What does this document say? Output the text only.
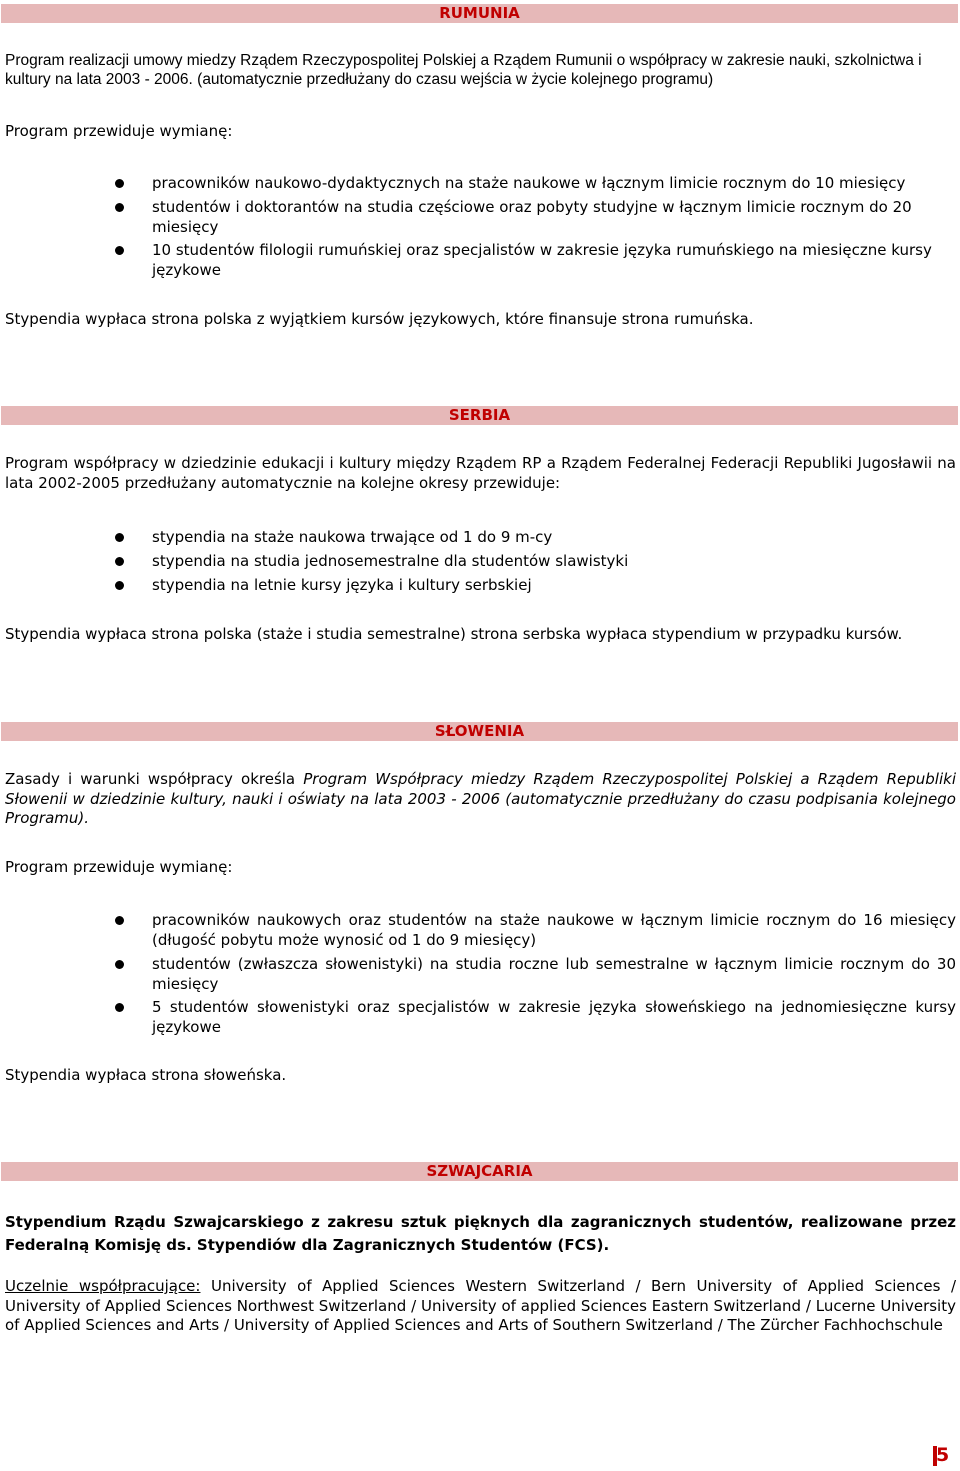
RUMUNIA
Program realizacji umowy miedzy Rządem Rzeczypospolitej Polskiej a Rządem Rumunii o współpracy w zakresie nauki, szkolnictwa i kultury na lata 2003 - 2006. (automatycznie przedłużany do czasu wejścia w życie kolejnego programu)
Program przewiduje wymianę:
pracowników naukowo-dydaktycznych na staże naukowe w łącznym limicie rocznym do 10 miesięcy
studentów i doktorantów na studia częściowe oraz pobyty studyjne w łącznym limicie rocznym do 20 miesięcy
10 studentów filologii rumuńskiej oraz specjalistów w zakresie języka rumuńskiego na miesięczne kursy językowe
Stypendia wypłaca strona polska z wyjątkiem kursów językowych, które finansuje strona rumuńska.
SERBIA
Program współpracy w dziedzinie edukacji i kultury między Rządem RP a Rządem Federalnej Federacji Republiki Jugosławii na lata 2002-2005 przedłużany automatycznie na kolejne okresy przewiduje:
stypendia na staże naukowa trwające od 1 do 9 m-cy
stypendia na studia jednosemestralne dla studentów slawistyki
stypendia na letnie kursy języka i kultury serbskiej
Stypendia wypłaca strona polska (staże i studia semestralne) strona serbska wypłaca stypendium w przypadku kursów.
SŁOWENIA
Zasady i warunki współpracy określa Program Współpracy miedzy Rządem Rzeczypospolitej Polskiej a Rządem Republiki Słowenii w dziedzinie kultury, nauki i oświaty na lata 2003 - 2006 (automatycznie przedłużany do czasu podpisania kolejnego Programu).
Program przewiduje wymianę:
pracowników naukowych oraz studentów na staże naukowe w łącznym limicie rocznym do 16 miesięcy (długość pobytu może wynosić od 1 do 9 miesięcy)
studentów (zwłaszcza słowenistyki) na studia roczne lub semestralne w łącznym limicie rocznym do 30 miesięcy
5 studentów słowenistyki oraz specjalistów w zakresie języka słoweńskiego na jednomiesięczne kursy językowe
Stypendia wypłaca strona słoweńska.
SZWAJCARIA
Stypendium Rządu Szwajcarskiego z zakresu sztuk pięknych dla zagranicznych studentów, realizowane przez Federalną Komisję ds. Stypendiów dla Zagranicznych Studentów (FCS).
Uczelnie współpracujące: University of Applied Sciences Western Switzerland / Bern University of Applied Sciences / University of Applied Sciences Northwest Switzerland / University of applied Sciences Eastern Switzerland / Lucerne University of Applied Sciences and Arts / University of Applied Sciences and Arts of Southern Switzerland / The Zürcher Fachhochschule
5
